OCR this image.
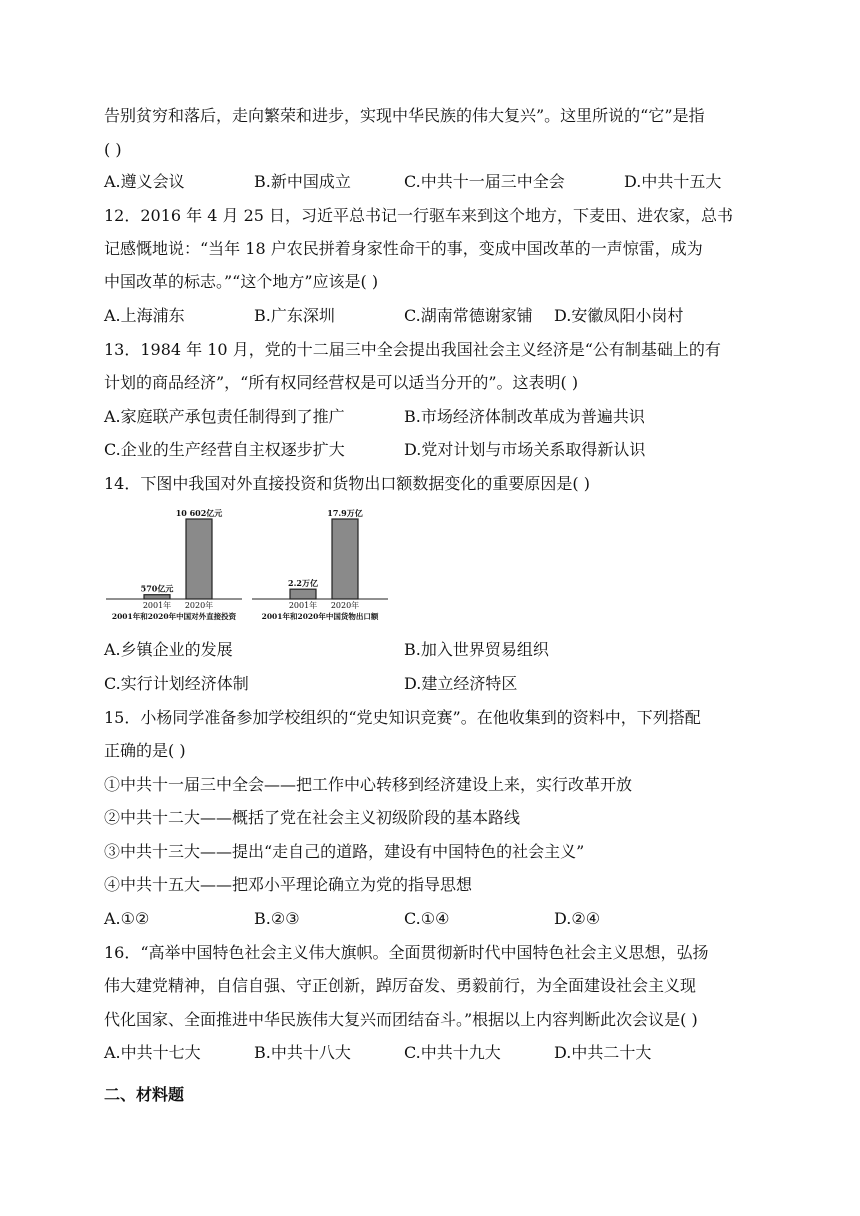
告别贫穷和落后，走向繁荣和进步，实现中华民族的伟大复兴”。这里所说的“它”是指
( )
A.遵义会议	B.新中国成立	C.中共十一届三中全会	D.中共十五大
12．2016 年 4 月 25 日，习近平总书记一行驱车来到这个地方，下麦田、进农家，总书
记感慨地说：“当年 18 户农民拼着身家性命干的事，变成中国改革的一声惊雷，成为
中国改革的标志。”“这个地方”应该是( )
A.上海浦东	B.广东深圳	C.湖南常德谢家铺 D.安徽凤阳小岗村
13．1984 年 10 月，党的十二届三中全会提出我国社会主义经济是“公有制基础上的有
计划的商品经济”，“所有权同经营权是可以适当分开的”。这表明( )
A.家庭联产承包责任制得到了推广	B.市场经济体制改革成为普遍共识
C.企业的生产经营自主权逐步扩大	D.党对计划与市场关系取得新认识
14．下图中我国对外直接投资和货物出口额数据变化的重要原因是( )
570亿元
2001年
10 602亿元
2020年
2001年和2020年中国对外直接投资
2.2万亿
2001年
17.9万亿
2020年
2001年和2020年中国货物出口额
A.乡镇企业的发展	B.加入世界贸易组织
C.实行计划经济体制	D.建立经济特区
15．小杨同学准备参加学校组织的“党史知识竞赛”。在他收集到的资料中，下列搭配
正确的是( )
①中共十一届三中全会——把工作中心转移到经济建设上来，实行改革开放
②中共十二大——概括了党在社会主义初级阶段的基本路线
③中共十三大——提出“走自己的道路，建设有中国特色的社会主义”
④中共十五大——把邓小平理论确立为党的指导思想
A.①②	B.②③	C.①④	D.②④
16．“高举中国特色社会主义伟大旗帜。全面贯彻新时代中国特色社会主义思想，弘扬
伟大建党精神，自信自强、守正创新，踔厉奋发、勇毅前行，为全面建设社会主义现
代化国家、全面推进中华民族伟大复兴而团结奋斗。”根据以上内容判断此次会议是( )
A.中共十七大	B.中共十八大	C.中共十九大	D.中共二十大
二、材料题
